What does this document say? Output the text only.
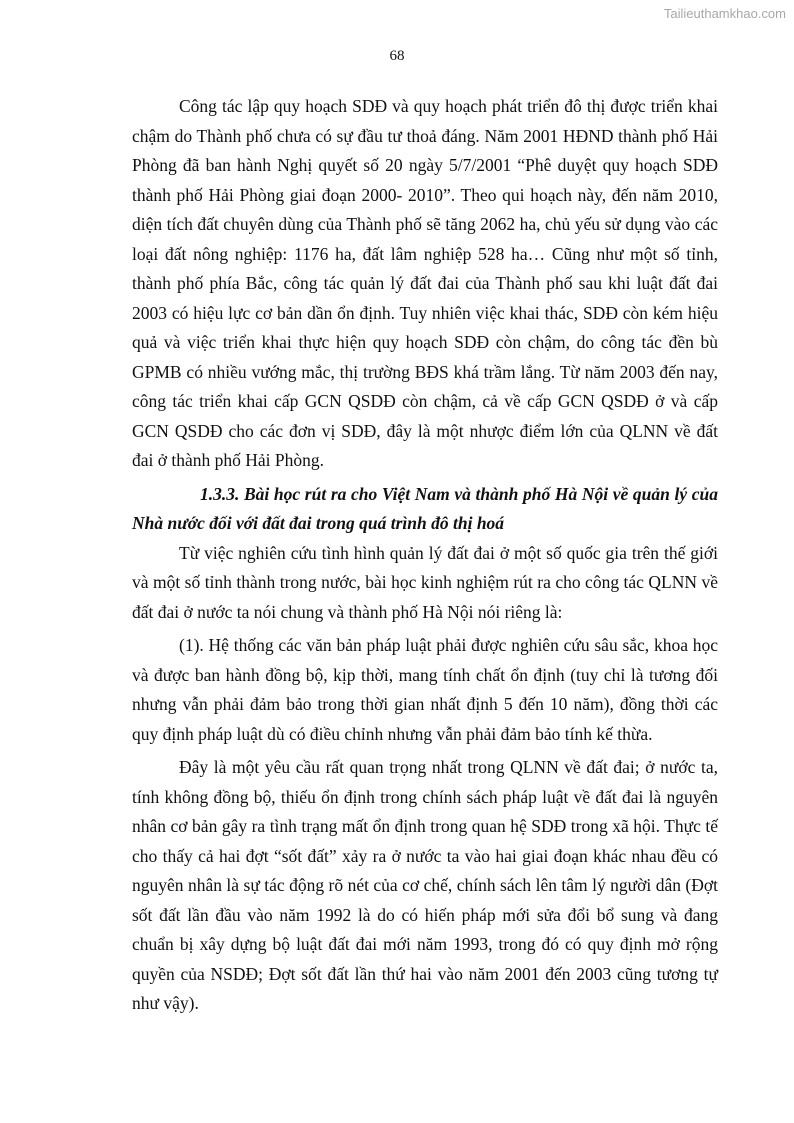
Tailieuthamkhao.com
68

Công tác lập quy hoạch SDĐ và quy hoạch phát triển đô thị được triển khai chậm do Thành phố chưa có sự đầu tư thoả đáng. Năm 2001 HĐND thành phố Hải Phòng đã ban hành Nghị quyết số 20 ngày 5/7/2001 “Phê duyệt quy hoạch SDĐ thành phố Hải Phòng giai đoạn 2000- 2010”. Theo qui hoạch này, đến năm 2010, diện tích đất chuyên dùng của Thành phố sẽ tăng 2062 ha, chủ yếu sử dụng vào các loại đất nông nghiệp: 1176 ha, đất lâm nghiệp 528 ha… Cũng như một số tỉnh, thành phố phía Bắc, công tác quản lý đất đai của Thành phố sau khi luật đất đai 2003 có hiệu lực cơ bản dần ổn định. Tuy nhiên việc khai thác, SDĐ còn kém hiệu quả và việc triển khai thực hiện quy hoạch SDĐ còn chậm, do công tác đền bù GPMB có nhiều vướng mắc, thị trường BĐS khá trầm lắng. Từ năm 2003 đến nay, công tác triển khai cấp GCN QSDĐ còn chậm, cả về cấp GCN QSDĐ ở và cấp GCN QSDĐ cho các đơn vị SDĐ, đây là một nhược điểm lớn của QLNN về đất đai ở thành phố Hải Phòng.

1.3.3. Bài học rút ra cho Việt Nam và thành phố Hà Nội về quản lý của Nhà nước đối với đất đai trong quá trình đô thị hoá

Từ việc nghiên cứu tình hình quản lý đất đai ở một số quốc gia trên thế giới và một số tỉnh thành trong nước, bài học kinh nghiệm rút ra cho công tác QLNN về đất đai ở nước ta nói chung và thành phố Hà Nội nói riêng là:

(1). Hệ thống các văn bản pháp luật phải được nghiên cứu sâu sắc, khoa học và được ban hành đồng bộ, kịp thời, mang tính chất ổn định (tuy chỉ là tương đối nhưng vẫn phải đảm bảo trong thời gian nhất định 5 đến 10 năm), đồng thời các quy định pháp luật dù có điều chỉnh nhưng vẫn phải đảm bảo tính kế thừa.

Đây là một yêu cầu rất quan trọng nhất trong QLNN về đất đai; ở nước ta, tính không đồng bộ, thiếu ổn định trong chính sách pháp luật về đất đai là nguyên nhân cơ bản gây ra tình trạng mất ổn định trong quan hệ SDĐ trong xã hội. Thực tế cho thấy cả hai đợt “sốt đất” xảy ra ở nước ta vào hai giai đoạn khác nhau đều có nguyên nhân là sự tác động rõ nét của cơ chế, chính sách lên tâm lý người dân (Đợt sốt đất lần đầu vào năm 1992 là do có hiến pháp mới sửa đổi bổ sung và đang chuẩn bị xây dựng bộ luật đất đai mới năm 1993, trong đó có quy định mở rộng quyền của NSDĐ; Đợt sốt đất lần thứ hai vào năm 2001 đến 2003 cũng tương tự như vậy).
